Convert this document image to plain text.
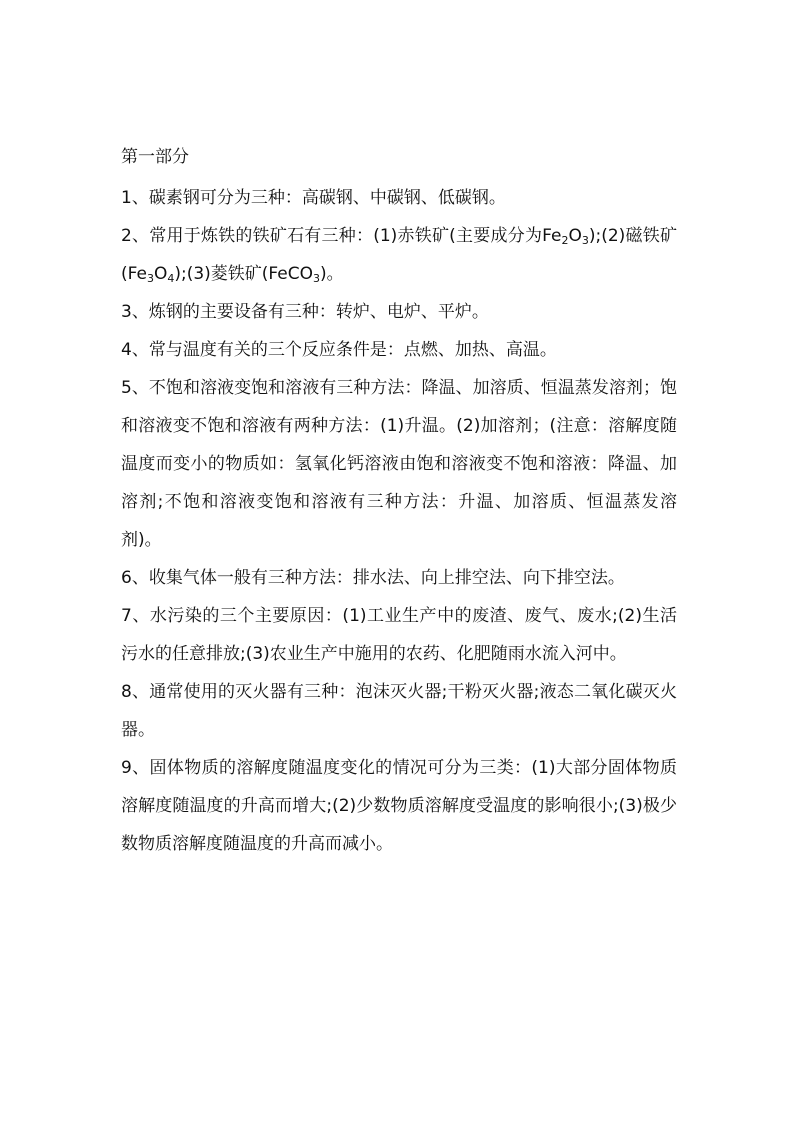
第一部分

1、碳素钢可分为三种：高碳钢、中碳钢、低碳钢。

2、常用于炼铁的铁矿石有三种：(1)赤铁矿(主要成分为$Fe_2O_3);(2)$磁铁矿$(Fe_3O_4);(3)$菱铁矿(FeCO$_3$)。

3、炼钢的主要设备有三种：转炉、电炉、平炉。

4、常与温度有关的三个反应条件是：点燃、加热、高温。

5、不饱和溶液变饱和溶液有三种方法：降温、加溶质、恒温蒸发溶剂；饱和溶液变不饱和溶液有两种方法：(1)升温。(2)加溶剂；(注意：溶解度随温度而变小的物质如：氢氧化钙溶液由饱和溶液变不饱和溶液：降温、加溶剂;不饱和溶液变饱和溶液有三种方法：升温、加溶质、恒温蒸发溶剂)。

6、收集气体一般有三种方法：排水法、向上排空法、向下排空法。

7、水污染的三个主要原因：(1)工业生产中的废渣、废气、废水;(2)生活污水的任意排放;(3)农业生产中施用的农药、化肥随雨水流入河中。

8、通常使用的灭火器有三种：泡沫灭火器;干粉灭火器;液态二氧化碳灭火器。

9、固体物质的溶解度随温度变化的情况可分为三类：(1)大部分固体物质溶解度随温度的升高而增大;(2)少数物质溶解度受温度的影响很小;(3)极少数物质溶解度随温度的升高而减小。
